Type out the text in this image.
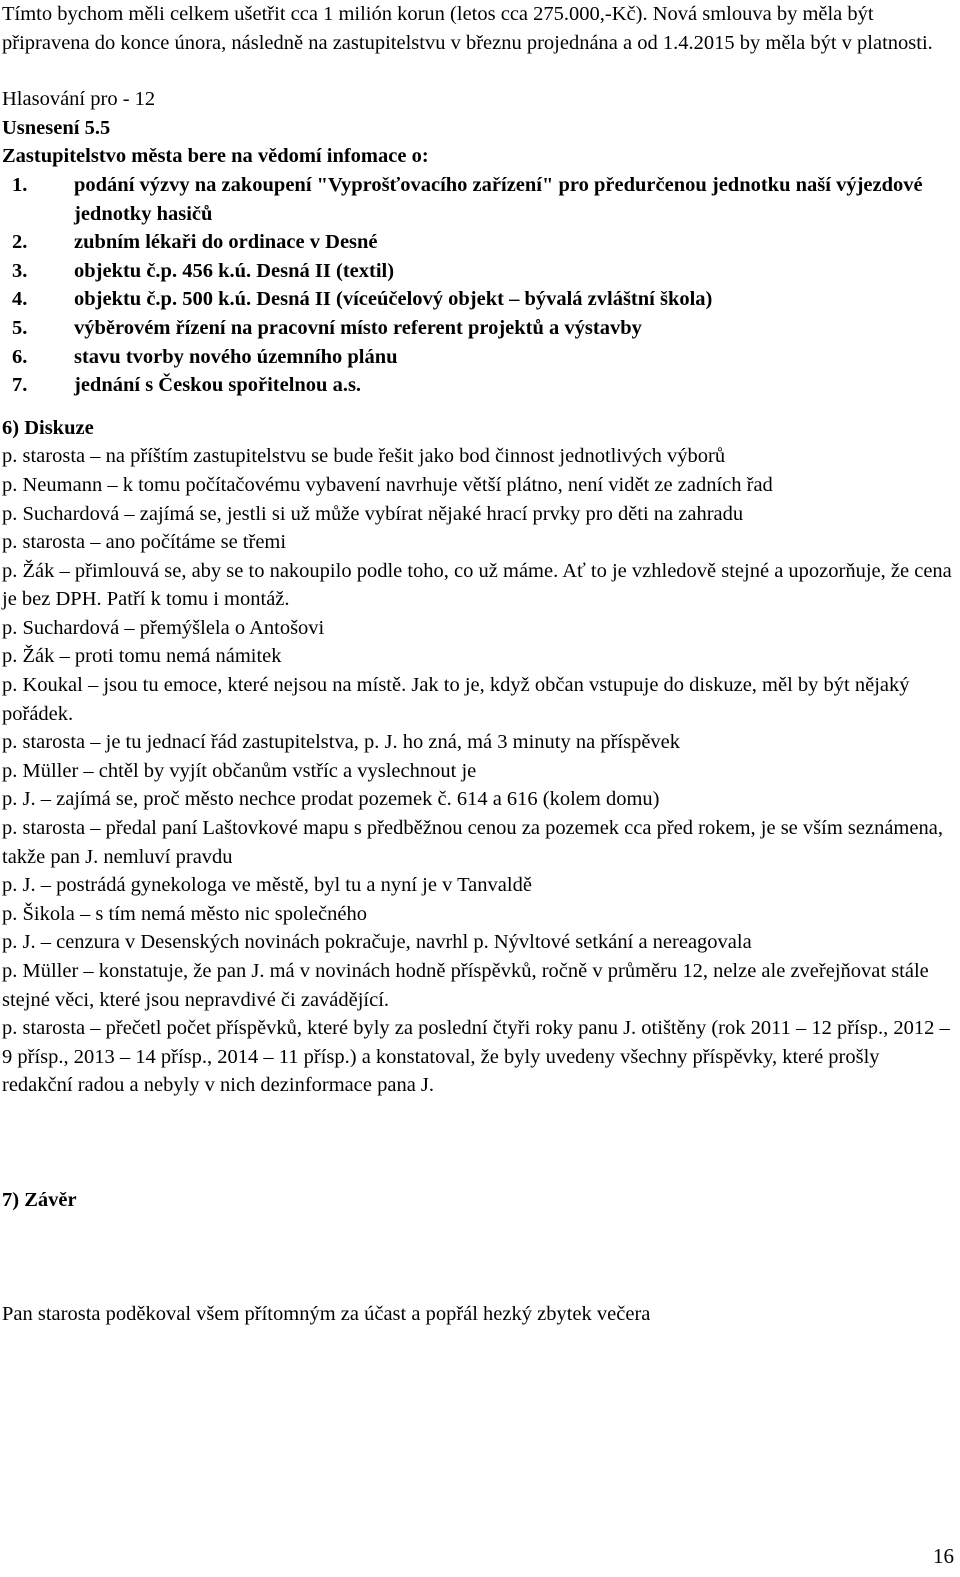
Tímto bychom měli celkem ušetřit cca 1 milión korun (letos cca 275.000,-Kč). Nová smlouva by měla být připravena do konce února, následně na zastupitelstvu v březnu projednána a od 1.4.2015 by měla být v platnosti.

Hlasování pro - 12

Usnesení 5.5

Zastupitelstvo města bere na vědomí infomace o:

1.	podání výzvy na zakoupení "Vyprošťovacího zařízení" pro předurčenou jednotku naší výjezdové jednotky hasičů
2.	zubním lékaři do ordinace v Desné
3.	objektu č.p. 456 k.ú. Desná II (textil)
4.	objektu č.p. 500 k.ú. Desná II (víceúčelový objekt – bývalá zvláštní škola)
5.	výběrovém řízení na pracovní místo referent projektů a výstavby
6.	stavu tvorby nového územního plánu
7.	jednání s Českou spořitelnou a.s.

6) Diskuze

p. starosta – na příštím zastupitelstvu se bude řešit jako bod činnost jednotlivých výborů

p. Neumann – k tomu počítačovému vybavení navrhuje větší plátno, není vidět ze zadních řad

p. Suchardová – zajímá se, jestli si už může vybírat nějaké hrací prvky pro děti na zahradu

p. starosta – ano počítáme se třemi

p. Žák – přimlouvá se, aby se to nakoupilo podle toho, co už máme. Ať to je vzhledově stejné a upozorňuje, že cena je bez DPH. Patří k tomu i montáž.

p. Suchardová – přemýšlela o Antošovi

p. Žák – proti tomu nemá námitek

p. Koukal – jsou tu emoce, které nejsou na místě. Jak to je, když občan vstupuje do diskuze, měl by být nějaký pořádek.

p. starosta – je tu jednací řád zastupitelstva, p. J. ho zná, má 3 minuty na příspěvek

p. Müller – chtěl by vyjít občanům vstříc a vyslechnout je

p. J. – zajímá se, proč město nechce prodat pozemek č. 614 a 616 (kolem domu)

p. starosta – předal paní Laštovkové mapu s předběžnou cenou za pozemek cca před rokem, je se vším seznámena, takže pan J. nemluví pravdu

p. J. – postrádá gynekologa ve městě, byl tu a nyní je v Tanvaldě

p. Šikola – s tím nemá město nic společného

p. J. – cenzura v Desenských novinách pokračuje, navrhl p. Nývltové setkání a nereagovala

p. Müller – konstatuje, že pan J. má v novinách hodně příspěvků, ročně v průměru 12, nelze ale zveřejňovat stále stejné věci, které jsou nepravdivé či zavádějící.

p. starosta – přečetl počet příspěvků, které byly za poslední čtyři roky panu J. otištěny (rok 2011 – 12 přísp., 2012 – 9 přísp., 2013 – 14 přísp., 2014 – 11 přísp.) a konstatoval, že byly uvedeny všechny příspěvky, které prošly redakční radou a nebyly v nich dezinformace pana J.

7) Závěr

Pan starosta poděkoval všem přítomným za účast a popřál hezký zbytek večera

16
